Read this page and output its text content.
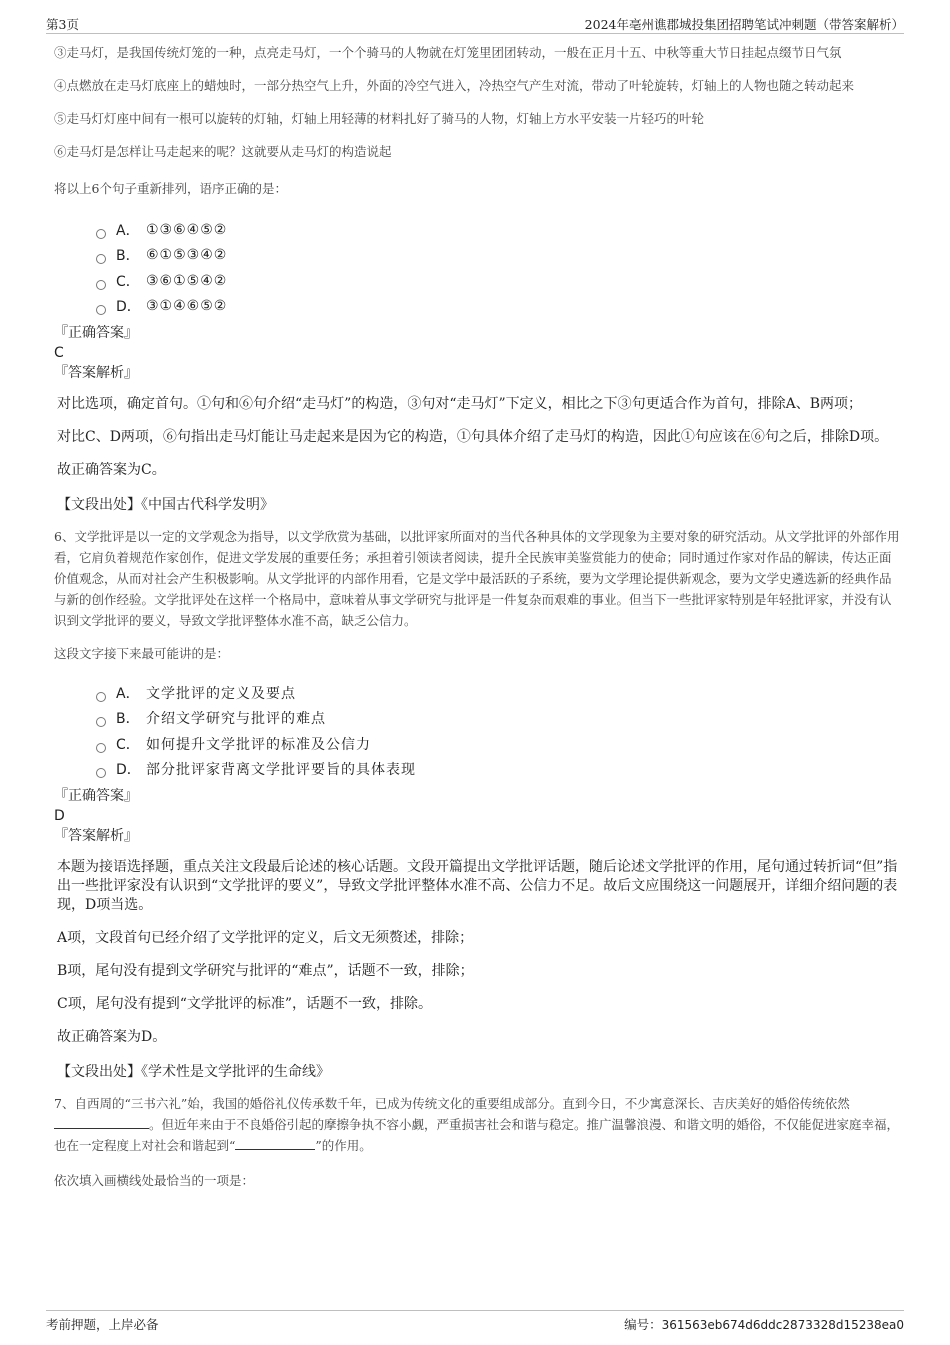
第3页	2024年亳州谯郡城投集团招聘笔试冲刺题（带答案解析）

③走马灯，是我国传统灯笼的一种，点亮走马灯，一个个骑马的人物就在灯笼里团团转动，一般在正月十五、中秋等重大节日挂起点缀节日气氛

④点燃放在走马灯底座上的蜡烛时，一部分热空气上升，外面的冷空气进入，冷热空气产生对流，带动了叶轮旋转，灯轴上的人物也随之转动起来

⑤走马灯灯座中间有一根可以旋转的灯轴，灯轴上用轻薄的材料扎好了骑马的人物，灯轴上方水平安装一片轻巧的叶轮

⑥走马灯是怎样让马走起来的呢？这就要从走马灯的构造说起

将以上6个句子重新排列，语序正确的是：

A． ①③⑥④⑤②
B． ⑥①⑤③④②
C． ③⑥①⑤④②
D． ③①④⑥⑤②
『正确答案』
C
『答案解析』

对比选项，确定首句。①句和⑥句介绍“走马灯”的构造，③句对“走马灯”下定义，相比之下③句更适合作为首句，排除A、B两项；

对比C、D两项，⑥句指出走马灯能让马走起来是因为它的构造，①句具体介绍了走马灯的构造，因此①句应该在⑥句之后，排除D项。

故正确答案为C。

【文段出处】《中国古代科学发明》

6、文学批评是以一定的文学观念为指导，以文学欣赏为基础，以批评家所面对的当代各种具体的文学现象为主要对象的研究活动。从文学批评的外部作用看，它肩负着规范作家创作，促进文学发展的重要任务；承担着引领读者阅读，提升全民族审美鉴赏能力的使命；同时通过作家对作品的解读，传达正面价值观念，从而对社会产生积极影响。从文学批评的内部作用看，它是文学中最活跃的子系统，要为文学理论提供新观念，要为文学史遴选新的经典作品与新的创作经验。文学批评处在这样一个格局中，意味着从事文学研究与批评是一件复杂而艰难的事业。但当下一些批评家特别是年轻批评家，并没有认识到文学批评的要义，导致文学批评整体水准不高，缺乏公信力。

这段文字接下来最可能讲的是：

A． 文学批评的定义及要点
B． 介绍文学研究与批评的难点
C． 如何提升文学批评的标准及公信力
D． 部分批评家背离文学批评要旨的具体表现
『正确答案』
D
『答案解析』

本题为接语选择题，重点关注文段最后论述的核心话题。文段开篇提出文学批评话题，随后论述文学批评的作用，尾句通过转折词“但”指出一些批评家没有认识到“文学批评的要义”，导致文学批评整体水准不高、公信力不足。故后文应围绕这一问题展开，详细介绍问题的表现，D项当选。

A项，文段首句已经介绍了文学批评的定义，后文无须赘述，排除；

B项，尾句没有提到文学研究与批评的“难点”，话题不一致，排除；

C项，尾句没有提到“文学批评的标准”，话题不一致，排除。

故正确答案为D。

【文段出处】《学术性是文学批评的生命线》

7、自西周的“三书六礼”始，我国的婚俗礼仪传承数千年，已成为传统文化的重要组成部分。直到今日，不少寓意深长、吉庆美好的婚俗传统依然。但近年来由于不良婚俗引起的摩擦争执不容小觑，严重损害社会和谐与稳定。推广温馨浪漫、和谐文明的婚俗，不仅能促进家庭幸福，也在一定程度上对社会和谐起到“	”的作用。

依次填入画横线处最恰当的一项是：

考前押题，上岸必备	编号：361563eb674d6ddc2873328d15238ea0
